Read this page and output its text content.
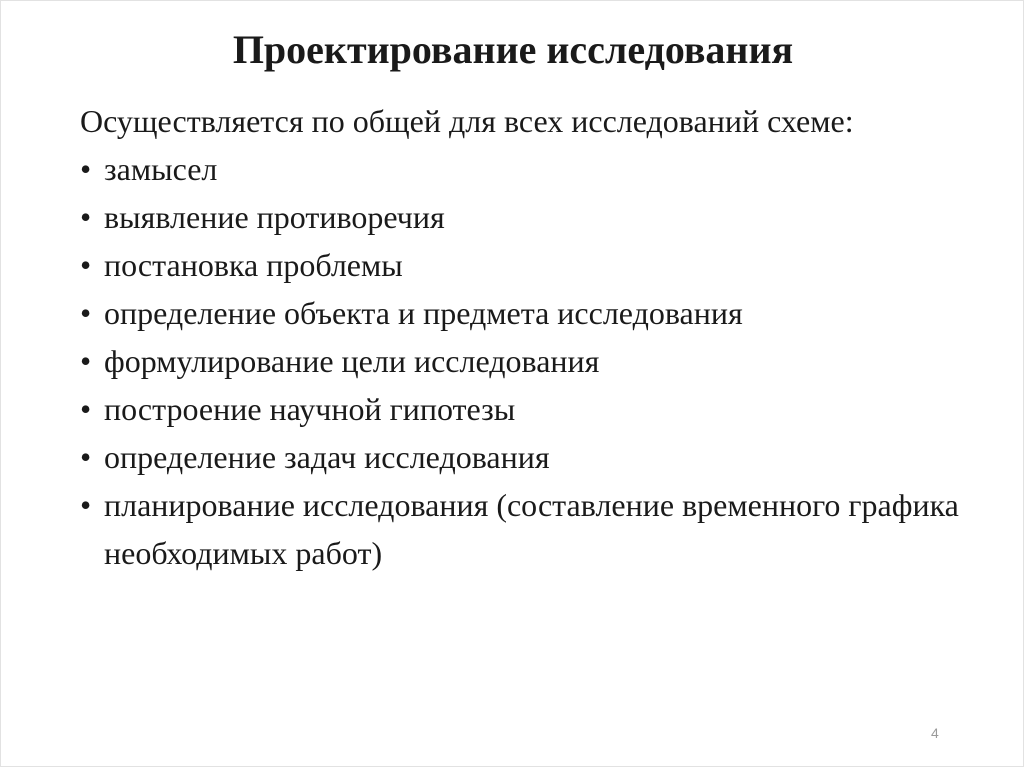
Проектирование исследования

Осуществляется по общей для всех исследований схеме:

• замысел
• выявление противоречия
• постановка проблемы
• определение объекта и предмета исследования
• формулирование цели исследования
• построение научной гипотезы
• определение задач исследования
• планирование исследования (составление временного графика необходимых работ)
4
